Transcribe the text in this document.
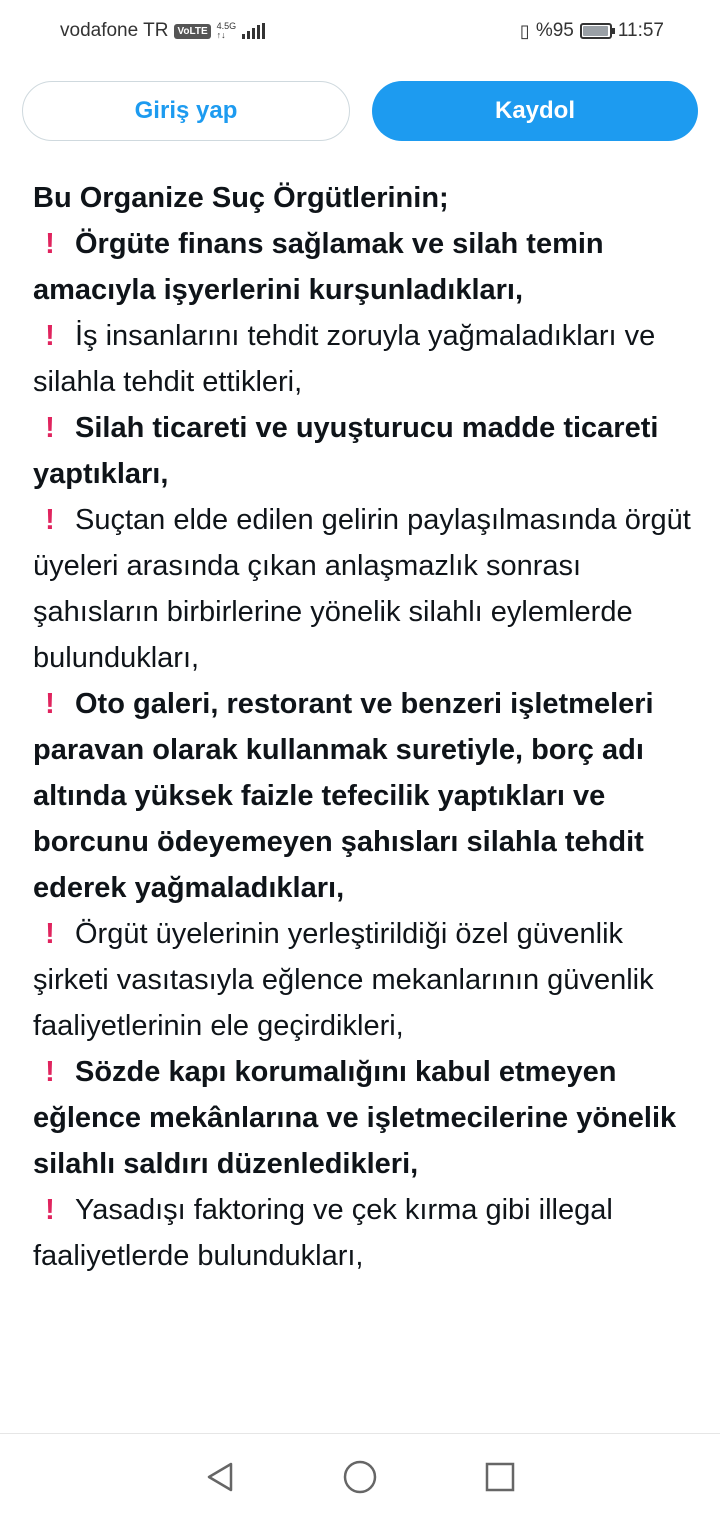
vodafone TR VoLTE	4.5G
↑↓	▯ %95 11:57
Giriş yap	Kaydol

Bu Organize Suç Örgütlerinin;

! Örgüte finans sağlamak ve silah temin amacıyla işyerlerini kurşunladıkları,

! İş insanlarını tehdit zoruyla yağmaladıkları ve silahla tehdit ettikleri,

! Silah ticareti ve uyuşturucu madde ticareti yaptıkları,

! Suçtan elde edilen gelirin paylaşılmasında örgüt üyeleri arasında çıkan anlaşmazlık sonrası şahısların birbirlerine yönelik silahlı eylemlerde

bulundukları,

! Oto galeri, restorant ve benzeri işletmeleri paravan olarak kullanmak suretiyle, borç adı altında yüksek faizle tefecilik yaptıkları ve borcunu ödeyemeyen şahısları silahla tehdit ederek yağmaladıkları,

! Örgüt üyelerinin yerleştirildiği özel güvenlik şirketi vasıtasıyla eğlence mekanlarının güvenlik faaliyetlerinin ele geçirdikleri,

! Sözde kapı korumalığını kabul etmeyen eğlence mekânlarına ve işletmecilerine yönelik silahlı saldırı düzenledikleri,

! Yasadışı faktoring ve çek kırma gibi illegal faaliyetlerde bulundukları,
